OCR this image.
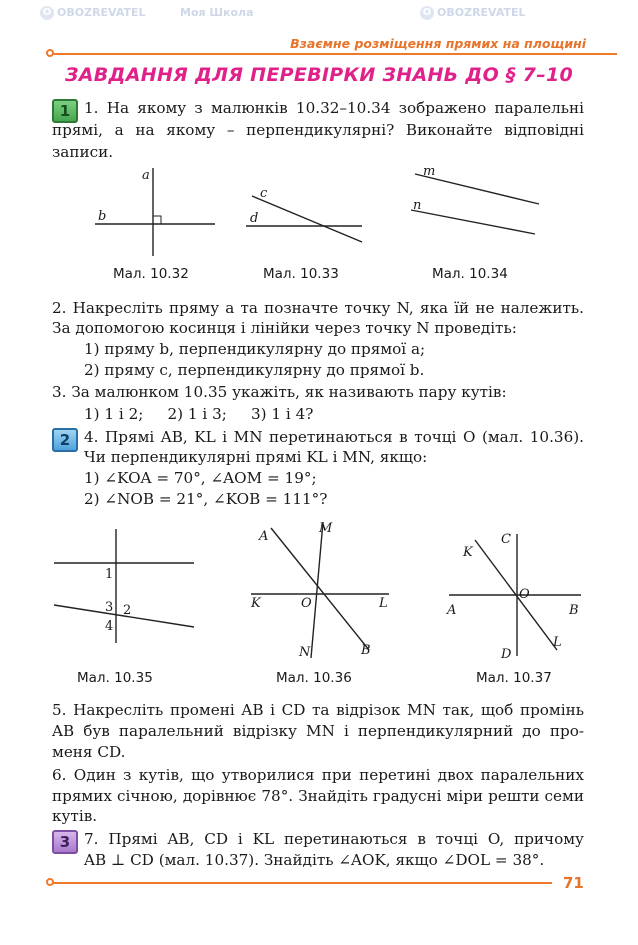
O OBOZREVATEL	Моя Школа	O OBOZREVATEL
Взаємне розміщення прямих на площині
ЗАВДАННЯ ДЛЯ ПЕРЕВІРКИ ЗНАНЬ ДО § 7–10
1 1. На якому з малюнків 10.32–10.34 зображено паралельні
прямі, а на якому – перпендикулярні? Виконайте відповідні
записи.
a
b
Мал. 10.32
c
d
Мал. 10.33
m
n
Мал. 10.34
2. Накресліть пряму a та позначте точку N, яка їй не належить.
За допомогою косинця і лінійки через точку N проведіть:
1) пряму b, перпендикулярну до прямої a;
2) пряму c, перпендикулярну до прямої b.
3. За малюнком 10.35 укажіть, як називають пару кутів:
1) 1 і 2;     2) 1 і 3;     3) 1 і 4?
2 4. Прямі AB, KL і MN перетинаються в точці O (мал. 10.36).
Чи перпендикулярні прямі KL і MN, якщо:
1) ∠KOA = 70°, ∠AOM = 19°;
2) ∠NOB = 21°, ∠KOB = 111°?
1
2
3
4
Мал. 10.35
A
M
K	O	L
N	B
Мал. 10.36
C
K
A
O
B
L
D
Мал. 10.37
5. Накресліть промені AB і CD та відрізок MN так, щоб промінь
AB був паралельний відрізку MN і перпендикулярний до про-
меня CD.
6. Один з кутів, що утворилися при перетині двох паралельних
прямих січною, дорівнює 78°. Знайдіть градусні міри решти семи
кутів.
3 7. Прямі AB, CD і KL перетинаються в точці O, причому
AB ⊥ CD (мал. 10.37). Знайдіть ∠AOK, якщо ∠DOL = 38°.
71
